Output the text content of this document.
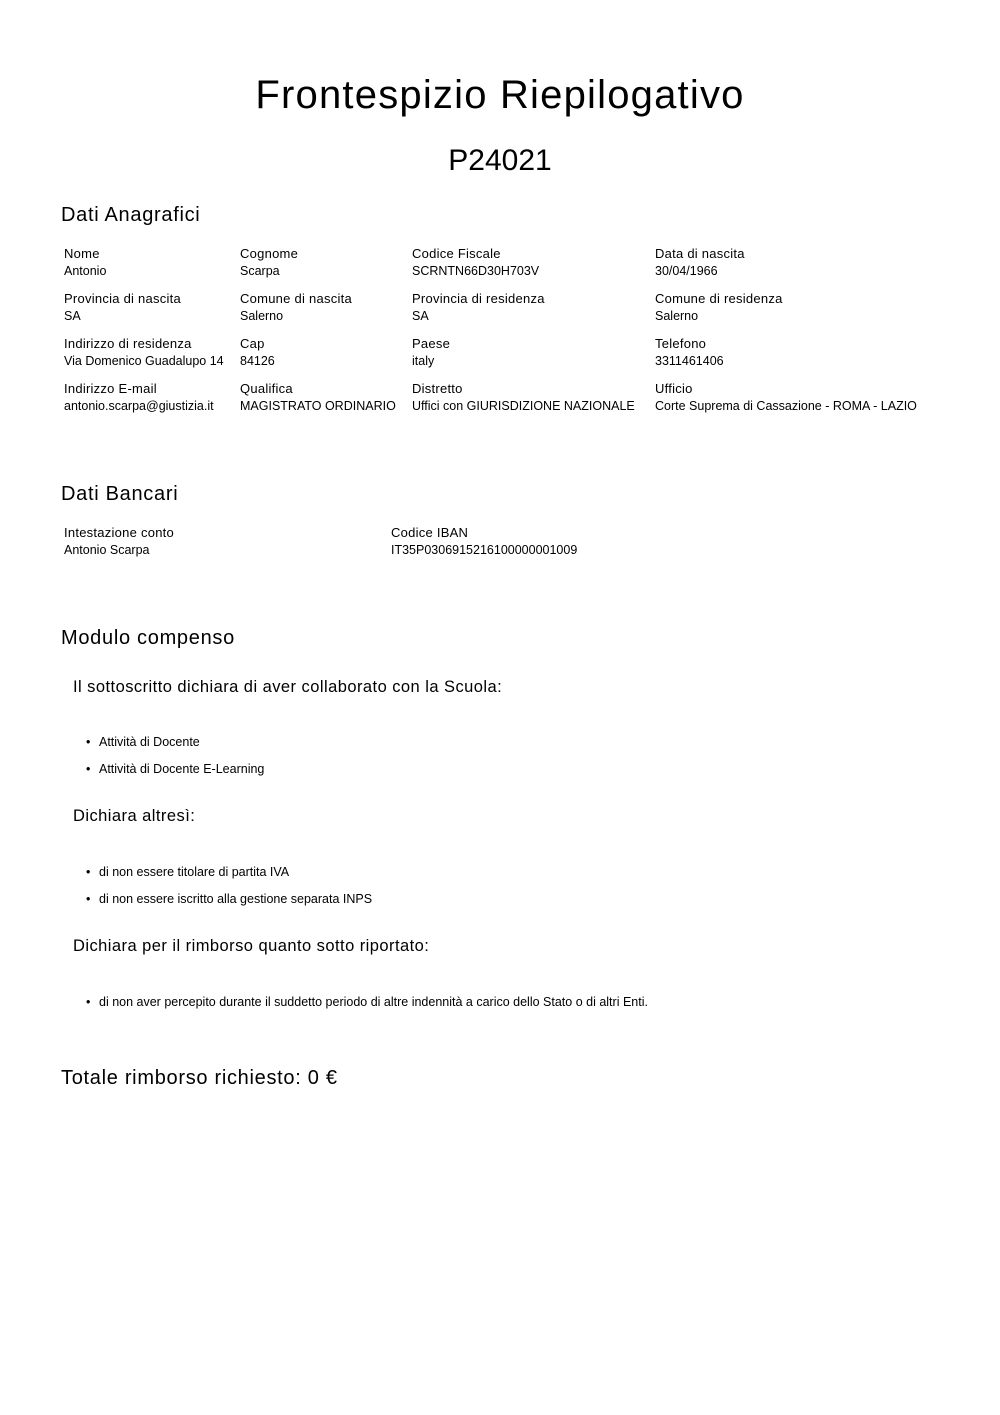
Frontespizio Riepilogativo
P24021
Dati Anagrafici
Nome
Antonio
Cognome
Scarpa
Codice Fiscale
SCRNTN66D30H703V
Data di nascita
30/04/1966
Provincia di nascita
SA
Comune di nascita
Salerno
Provincia di residenza
SA
Comune di residenza
Salerno
Indirizzo di residenza
Via Domenico Guadalupo 14
Cap
84126
Paese
italy
Telefono
3311461406
Indirizzo E-mail
antonio.scarpa@giustizia.it
Qualifica
MAGISTRATO ORDINARIO
Distretto
Uffici con GIURISDIZIONE NAZIONALE
Ufficio
Corte Suprema di Cassazione - ROMA - LAZIO
Dati Bancari
Intestazione conto
Antonio Scarpa
Codice IBAN
IT35P0306915216100000001009
Modulo compenso
Il sottoscritto dichiara di aver collaborato con la Scuola:
• Attività di Docente
• Attività di Docente E-Learning
Dichiara altresì:
• di non essere titolare di partita IVA
• di non essere iscritto alla gestione separata INPS
Dichiara per il rimborso quanto sotto riportato:
• di non aver percepito durante il suddetto periodo di altre indennità a carico dello Stato o di altri Enti.
Totale rimborso richiesto: 0 €
